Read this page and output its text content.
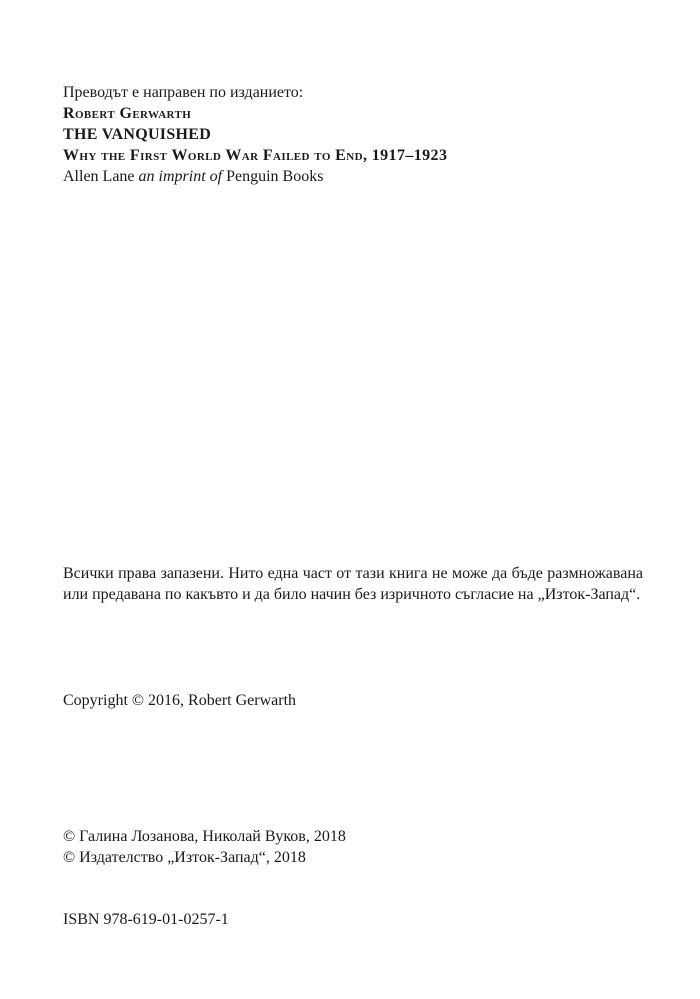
Преводът е направен по изданието:
Robert Gerwarth
THE VANQUISHED
Why the First World War Failed to End, 1917–1923
Allen Lane an imprint of Penguin Books
Всички права запазени. Нито една част от тази книга не може да бъде размножавана или предавана по какъвто и да било начин без изричното съгласие на „Изток-Запад“.
Copyright © 2016, Robert Gerwarth
© Галина Лозанова, Николай Вуков, 2018
© Издателство „Изток-Запад“, 2018
ISBN 978-619-01-0257-1
